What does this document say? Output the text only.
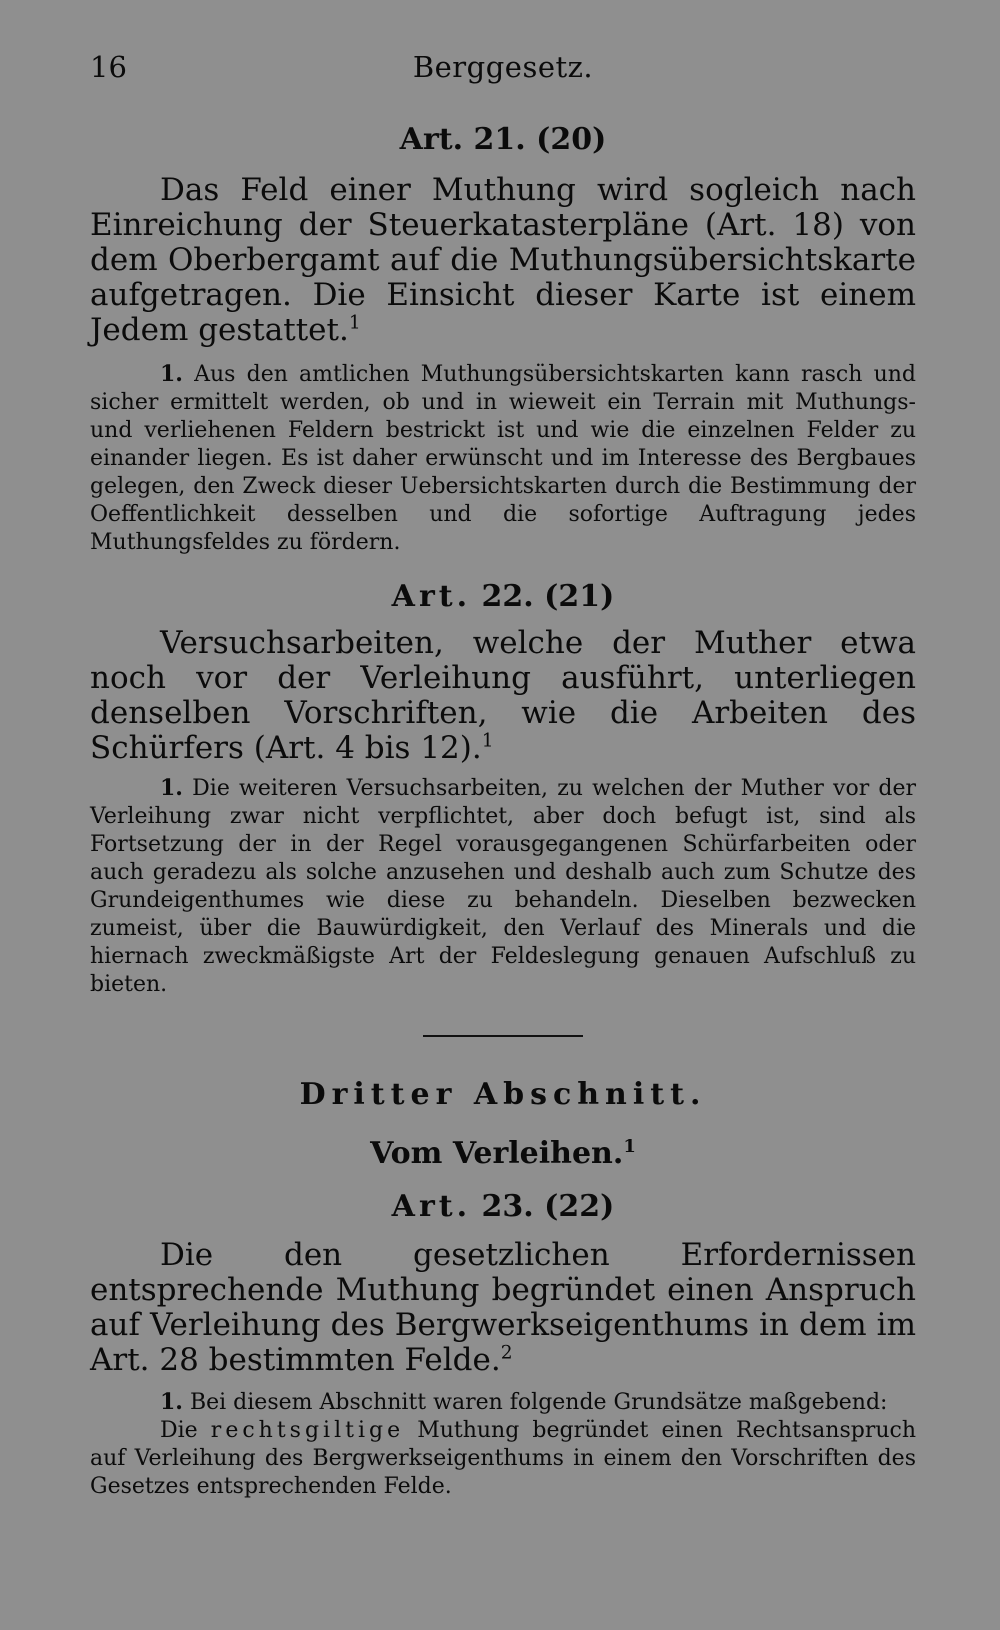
16	Berggesetz.
Art. 21. (20)

Das Feld einer Muthung wird sogleich nach Einreichung der Steuerkatasterpläne (Art. 18) von dem Oberbergamt auf die Muthungsübersichtskarte aufgetragen. Die Einsicht dieser Karte ist einem Jedem gestattet.$^1$

1. Aus den amtlichen Muthungsübersichtskarten kann rasch und sicher ermittelt werden, ob und in wieweit ein Terrain mit Muthungs- und verliehenen Feldern bestrickt ist und wie die einzelnen Felder zu einander liegen. Es ist daher erwünscht und im Interesse des Bergbaues gelegen, den Zweck dieser Uebersichtskarten durch die Bestimmung der Oeffentlichkeit desselben und die sofortige Auftragung jedes Muthungsfeldes zu fördern.

Art. 22. (21)

Versuchsarbeiten, welche der Muther etwa noch vor der Verleihung ausführt, unterliegen denselben Vorschriften, wie die Arbeiten des Schürfers (Art. 4 bis 12).$^1$

1. Die weiteren Versuchsarbeiten, zu welchen der Muther vor der Verleihung zwar nicht verpflichtet, aber doch befugt ist, sind als Fortsetzung der in der Regel vorausgegangenen Schürfarbeiten oder auch geradezu als solche anzusehen und deshalb auch zum Schutze des Grundeigenthumes wie diese zu behandeln. Dieselben bezwecken zumeist, über die Bauwürdigkeit, den Verlauf des Minerals und die hiernach zweckmäßigste Art der Feldeslegung genauen Aufschluß zu bieten.

Dritter Abschnitt.
Vom Verleihen.$^1$
Art. 23. (22)

Die den gesetzlichen Erfordernissen entsprechende Muthung begründet einen Anspruch auf Verleihung des Bergwerkseigenthums in dem im Art. 28 bestimmten Felde.$^2$

1. Bei diesem Abschnitt waren folgende Grundsätze maßgebend:

Die rechtsgiltige Muthung begründet einen Rechtsanspruch auf Verleihung des Bergwerkseigenthums in einem den Vorschriften des Gesetzes entsprechenden Felde.
